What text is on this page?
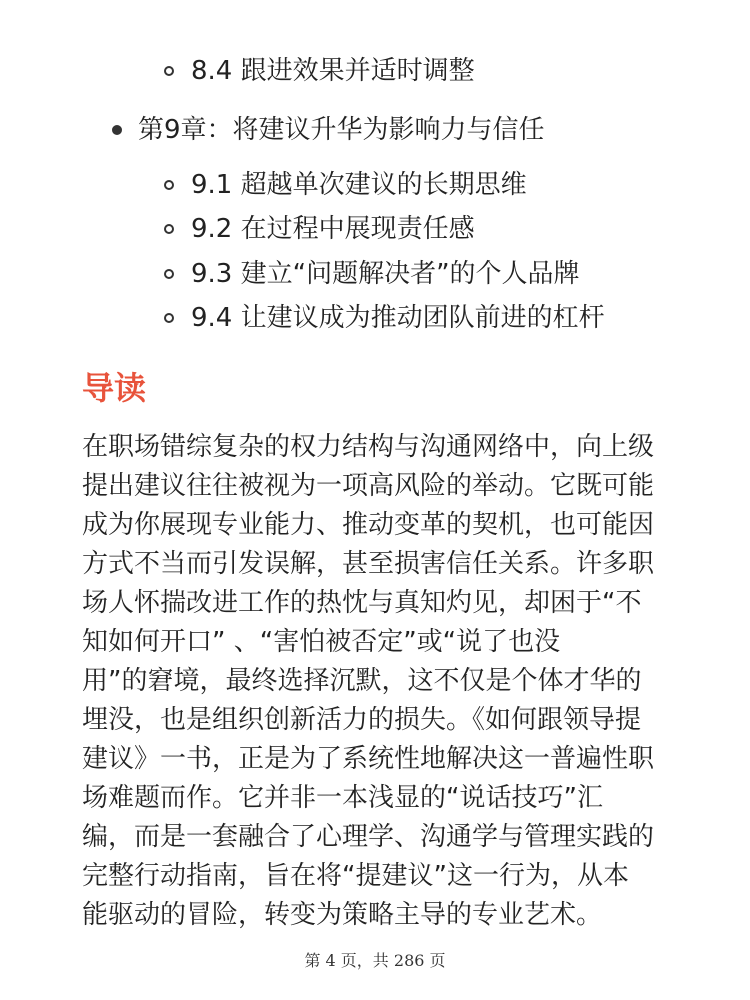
8.4 跟进效果并适时调整
第9章：将建议升华为影响力与信任
9.1 超越单次建议的长期思维
9.2 在过程中展现责任感
9.3 建立“问题解决者”的个人品牌
9.4 让建议成为推动团队前进的杠杆
导读
在职场错综复杂的权力结构与沟通网络中，向上级
提出建议往往被视为一项高风险的举动。它既可能
成为你展现专业能力、推动变革的契机，也可能因
方式不当而引发误解，甚至损害信任关系。许多职
场人怀揣改进工作的热忱与真知灼见，却困于“不
知如何开口” 、“害怕被否定”或“说了也没
用”的窘境，最终选择沉默，这不仅是个体才华的
埋没，也是组织创新活力的损失。《如何跟领导提
建议》一书，正是为了系统性地解决这一普遍性职
场难题而作。它并非一本浅显的“说话技巧”汇
编，而是一套融合了心理学、沟通学与管理实践的
完整行动指南，旨在将“提建议”这一行为，从本
能驱动的冒险，转变为策略主导的专业艺术。
第 4 页，共 286 页
